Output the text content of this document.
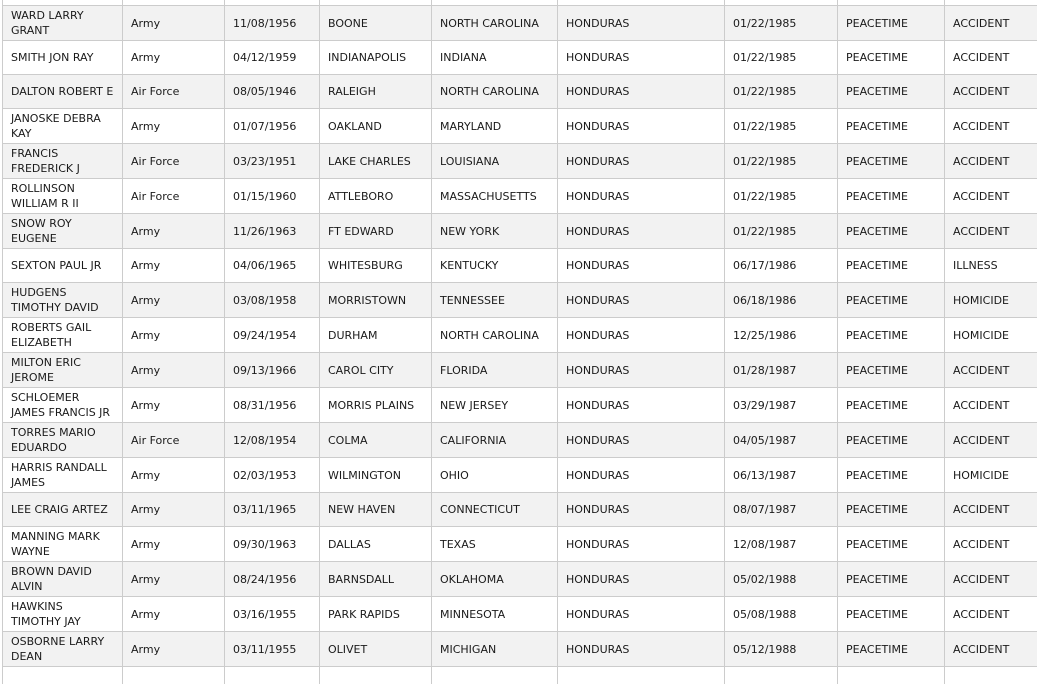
WARD LARRY GRANT	Army	11/08/1956	BOONE	NORTH CAROLINA	HONDURAS	01/22/1985	PEACETIME	ACCIDENT
SMITH JON RAY	Army	04/12/1959	INDIANAPOLIS	INDIANA	HONDURAS	01/22/1985	PEACETIME	ACCIDENT
DALTON ROBERT E	Air Force	08/05/1946	RALEIGH	NORTH CAROLINA	HONDURAS	01/22/1985	PEACETIME	ACCIDENT
JANOSKE DEBRA KAY	Army	01/07/1956	OAKLAND	MARYLAND	HONDURAS	01/22/1985	PEACETIME	ACCIDENT
FRANCIS FREDERICK J	Air Force	03/23/1951	LAKE CHARLES	LOUISIANA	HONDURAS	01/22/1985	PEACETIME	ACCIDENT
ROLLINSON WILLIAM R II	Air Force	01/15/1960	ATTLEBORO	MASSACHUSETTS	HONDURAS	01/22/1985	PEACETIME	ACCIDENT
SNOW ROY EUGENE	Army	11/26/1963	FT EDWARD	NEW YORK	HONDURAS	01/22/1985	PEACETIME	ACCIDENT
SEXTON PAUL JR	Army	04/06/1965	WHITESBURG	KENTUCKY	HONDURAS	06/17/1986	PEACETIME	ILLNESS
HUDGENS TIMOTHY DAVID	Army	03/08/1958	MORRISTOWN	TENNESSEE	HONDURAS	06/18/1986	PEACETIME	HOMICIDE
ROBERTS GAIL ELIZABETH	Army	09/24/1954	DURHAM	NORTH CAROLINA	HONDURAS	12/25/1986	PEACETIME	HOMICIDE
MILTON ERIC JEROME	Army	09/13/1966	CAROL CITY	FLORIDA	HONDURAS	01/28/1987	PEACETIME	ACCIDENT
SCHLOEMER JAMES FRANCIS JR	Army	08/31/1956	MORRIS PLAINS	NEW JERSEY	HONDURAS	03/29/1987	PEACETIME	ACCIDENT
TORRES MARIO EDUARDO	Air Force	12/08/1954	COLMA	CALIFORNIA	HONDURAS	04/05/1987	PEACETIME	ACCIDENT
HARRIS RANDALL JAMES	Army	02/03/1953	WILMINGTON	OHIO	HONDURAS	06/13/1987	PEACETIME	HOMICIDE
LEE CRAIG ARTEZ	Army	03/11/1965	NEW HAVEN	CONNECTICUT	HONDURAS	08/07/1987	PEACETIME	ACCIDENT
MANNING MARK WAYNE	Army	09/30/1963	DALLAS	TEXAS	HONDURAS	12/08/1987	PEACETIME	ACCIDENT
BROWN DAVID ALVIN	Army	08/24/1956	BARNSDALL	OKLAHOMA	HONDURAS	05/02/1988	PEACETIME	ACCIDENT
HAWKINS TIMOTHY JAY	Army	03/16/1955	PARK RAPIDS	MINNESOTA	HONDURAS	05/08/1988	PEACETIME	ACCIDENT
OSBORNE LARRY DEAN	Army	03/11/1955	OLIVET	MICHIGAN	HONDURAS	05/12/1988	PEACETIME	ACCIDENT
